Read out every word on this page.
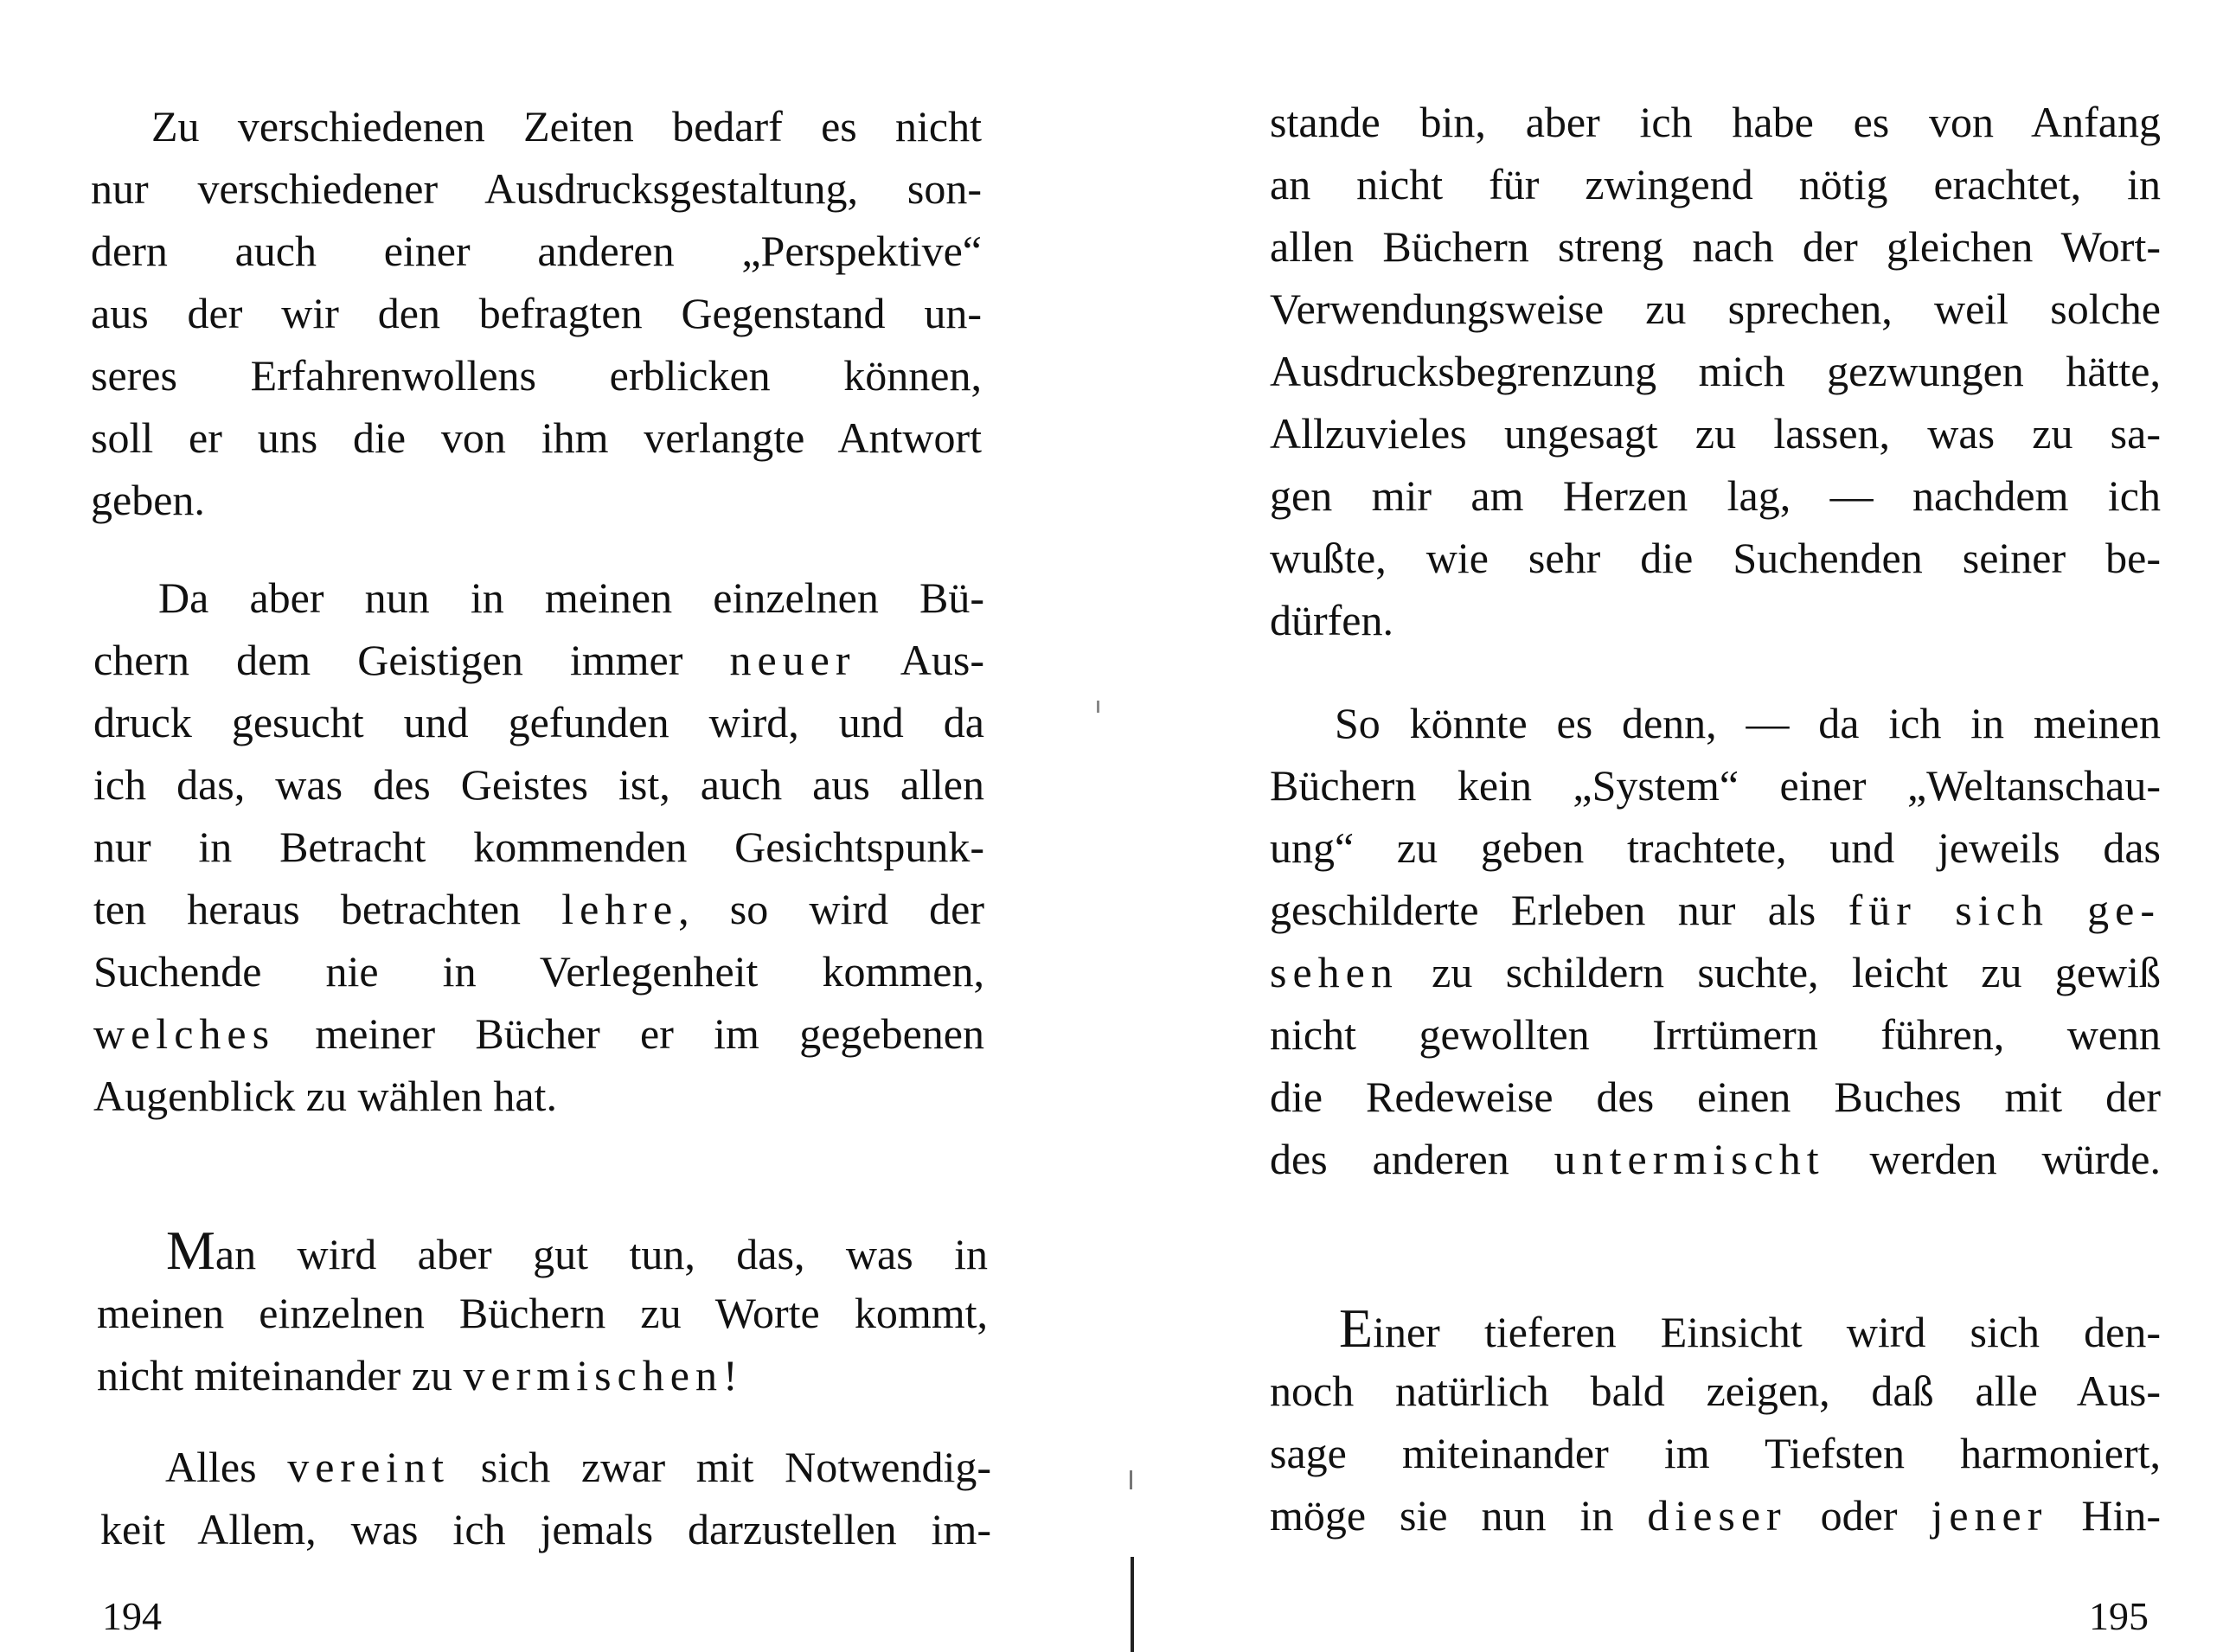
Zu verschiedenen Zeiten bedarf es nicht
nur verschiedener Ausdrucksgestaltung, son-
dern auch einer anderen „Perspektive“
aus der wir den befragten Gegenstand un-
seres Erfahrenwollens erblicken können,
soll er uns die von ihm verlangte Antwort
geben.
Da aber nun in meinen einzelnen Bü-
chern dem Geistigen immer neuer Aus-
druck gesucht und gefunden wird, und da
ich das, was des Geistes ist, auch aus allen
nur in Betracht kommenden Gesichtspunk-
ten heraus betrachten lehre, so wird der
Suchende nie in Verlegenheit kommen,
welches meiner Bücher er im gegebenen
Augenblick zu wählen hat.
Man wird aber gut tun, das, was in
meinen einzelnen Büchern zu Worte kommt,
nicht miteinander zu vermischen!
Alles vereint sich zwar mit Notwendig-
keit Allem, was ich jemals darzustellen im-
194
stande bin, aber ich habe es von Anfang
an nicht für zwingend nötig erachtet, in
allen Büchern streng nach der gleichen Wort-
Verwendungsweise zu sprechen, weil solche
Ausdrucksbegrenzung mich gezwungen hätte,
Allzuvieles ungesagt zu lassen, was zu sa-
gen mir am Herzen lag, — nachdem ich
wußte, wie sehr die Suchenden seiner be-
dürfen.
So könnte es denn, — da ich in meinen
Büchern kein „System“ einer „Weltanschau-
ung“ zu geben trachtete, und jeweils das
geschilderte Erleben nur als für sich ge-
sehen zu schildern suchte, leicht zu gewiß
nicht gewollten Irrtümern führen, wenn
die Redeweise des einen Buches mit der
des anderen untermischt werden würde.
Einer tieferen Einsicht wird sich den-
noch natürlich bald zeigen, daß alle Aus-
sage miteinander im Tiefsten harmoniert,
möge sie nun in dieser oder jener Hin-
195
